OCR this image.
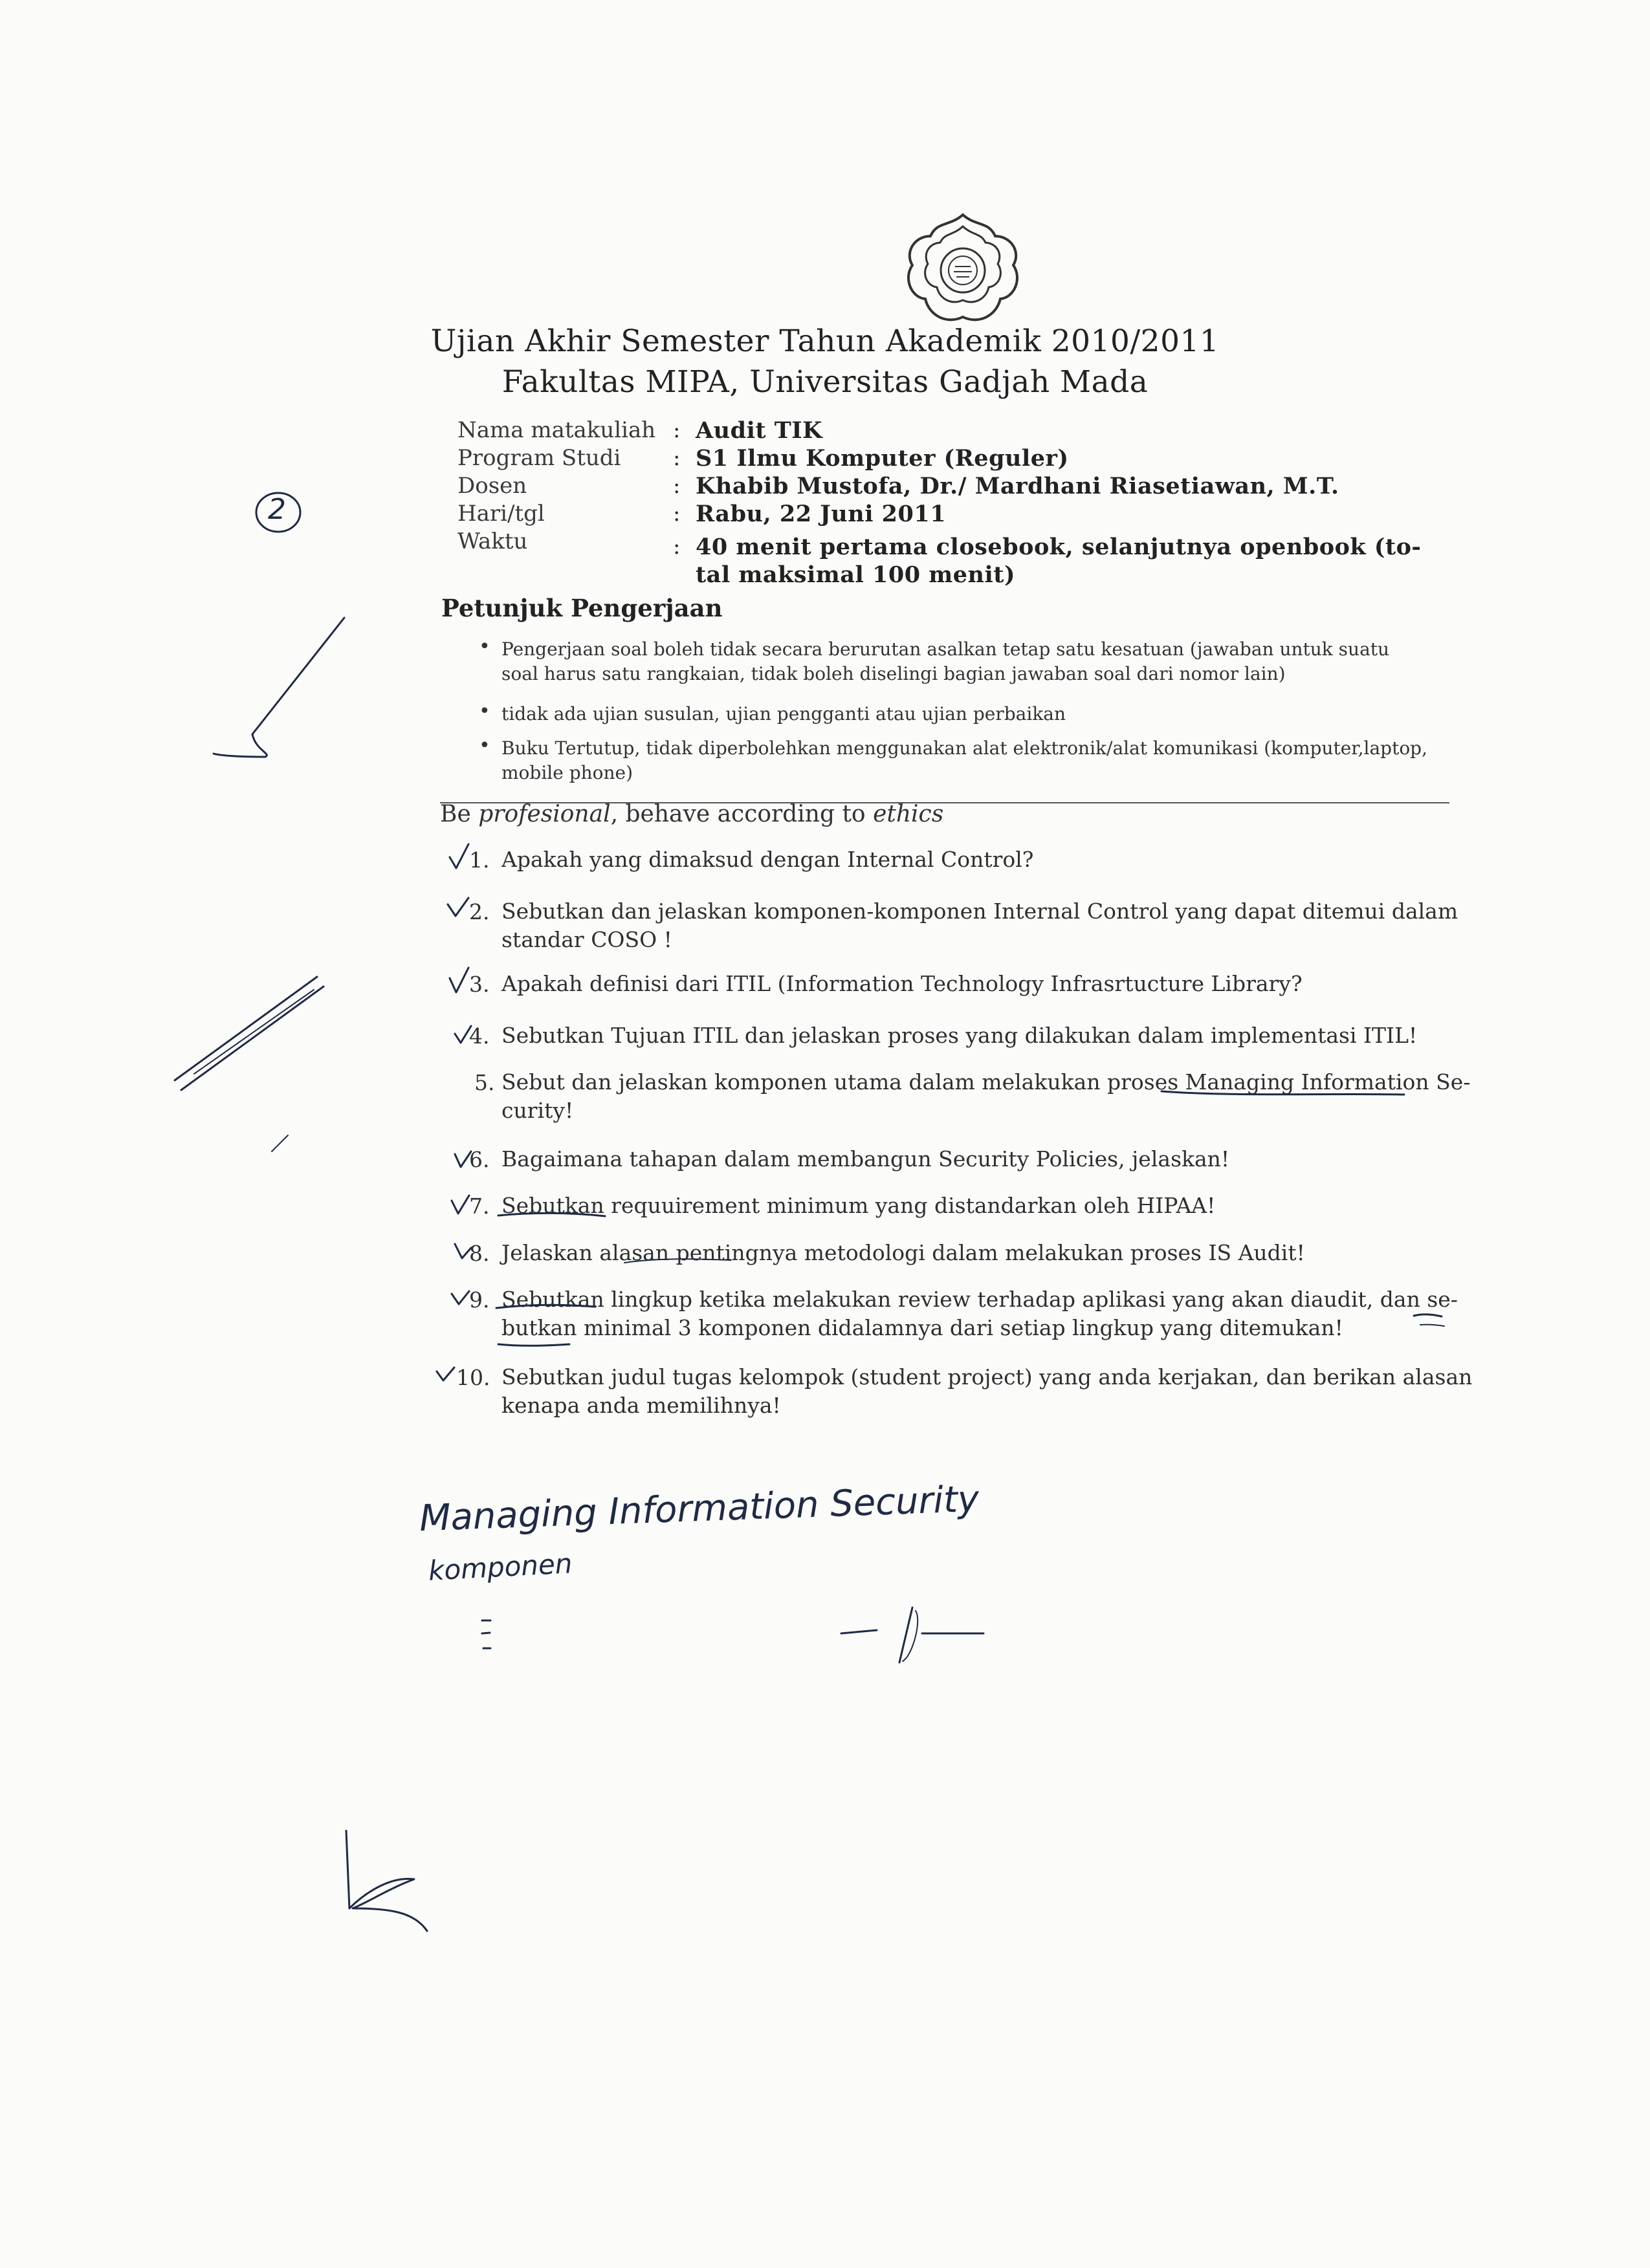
Ujian Akhir Semester Tahun Akademik 2010/2011
Fakultas MIPA, Universitas Gadjah Mada
Nama matakuliah : Audit TIK
Program Studi : S1 Ilmu Komputer (Reguler)
Dosen	: Khabib Mustofa, Dr./ Mardhani Riasetiawan, M.T.
Hari/tgl	: Rabu, 22 Juni 2011
Waktu	: 40 menit pertama closebook, selanjutnya openbook (to-
tal maksimal 100 menit)
Petunjuk Pengerjaan
• Pengerjaan soal boleh tidak secara berurutan asalkan tetap satu kesatuan (jawaban untuk suatu
soal harus satu rangkaian, tidak boleh diselingi bagian jawaban soal dari nomor lain)
• tidak ada ujian susulan, ujian pengganti atau ujian perbaikan
• Buku Tertutup, tidak diperbolehkan menggunakan alat elektronik/alat komunikasi (komputer,laptop,
mobile phone)
Be profesional, behave according to ethics
1. Apakah yang dimaksud dengan Internal Control?
2. Sebutkan dan jelaskan komponen-komponen Internal Control yang dapat ditemui dalam
standar COSO !
3. Apakah definisi dari ITIL (Information Technology Infrasrtucture Library?
4. Sebutkan Tujuan ITIL dan jelaskan proses yang dilakukan dalam implementasi ITIL!
5. Sebut dan jelaskan komponen utama dalam melakukan proses Managing Information Se-
curity!
6. Bagaimana tahapan dalam membangun Security Policies, jelaskan!
7. Sebutkan requuirement minimum yang distandarkan oleh HIPAA!
8. Jelaskan alasan pentingnya metodologi dalam melakukan proses IS Audit!
9. Sebutkan lingkup ketika melakukan review terhadap aplikasi yang akan diaudit, dan se-
butkan minimal 3 komponen didalamnya dari setiap lingkup yang ditemukan!
10. Sebutkan judul tugas kelompok (student project) yang anda kerjakan, dan berikan alasan
kenapa anda memilihnya!
2
Managing Information Security
komponen
